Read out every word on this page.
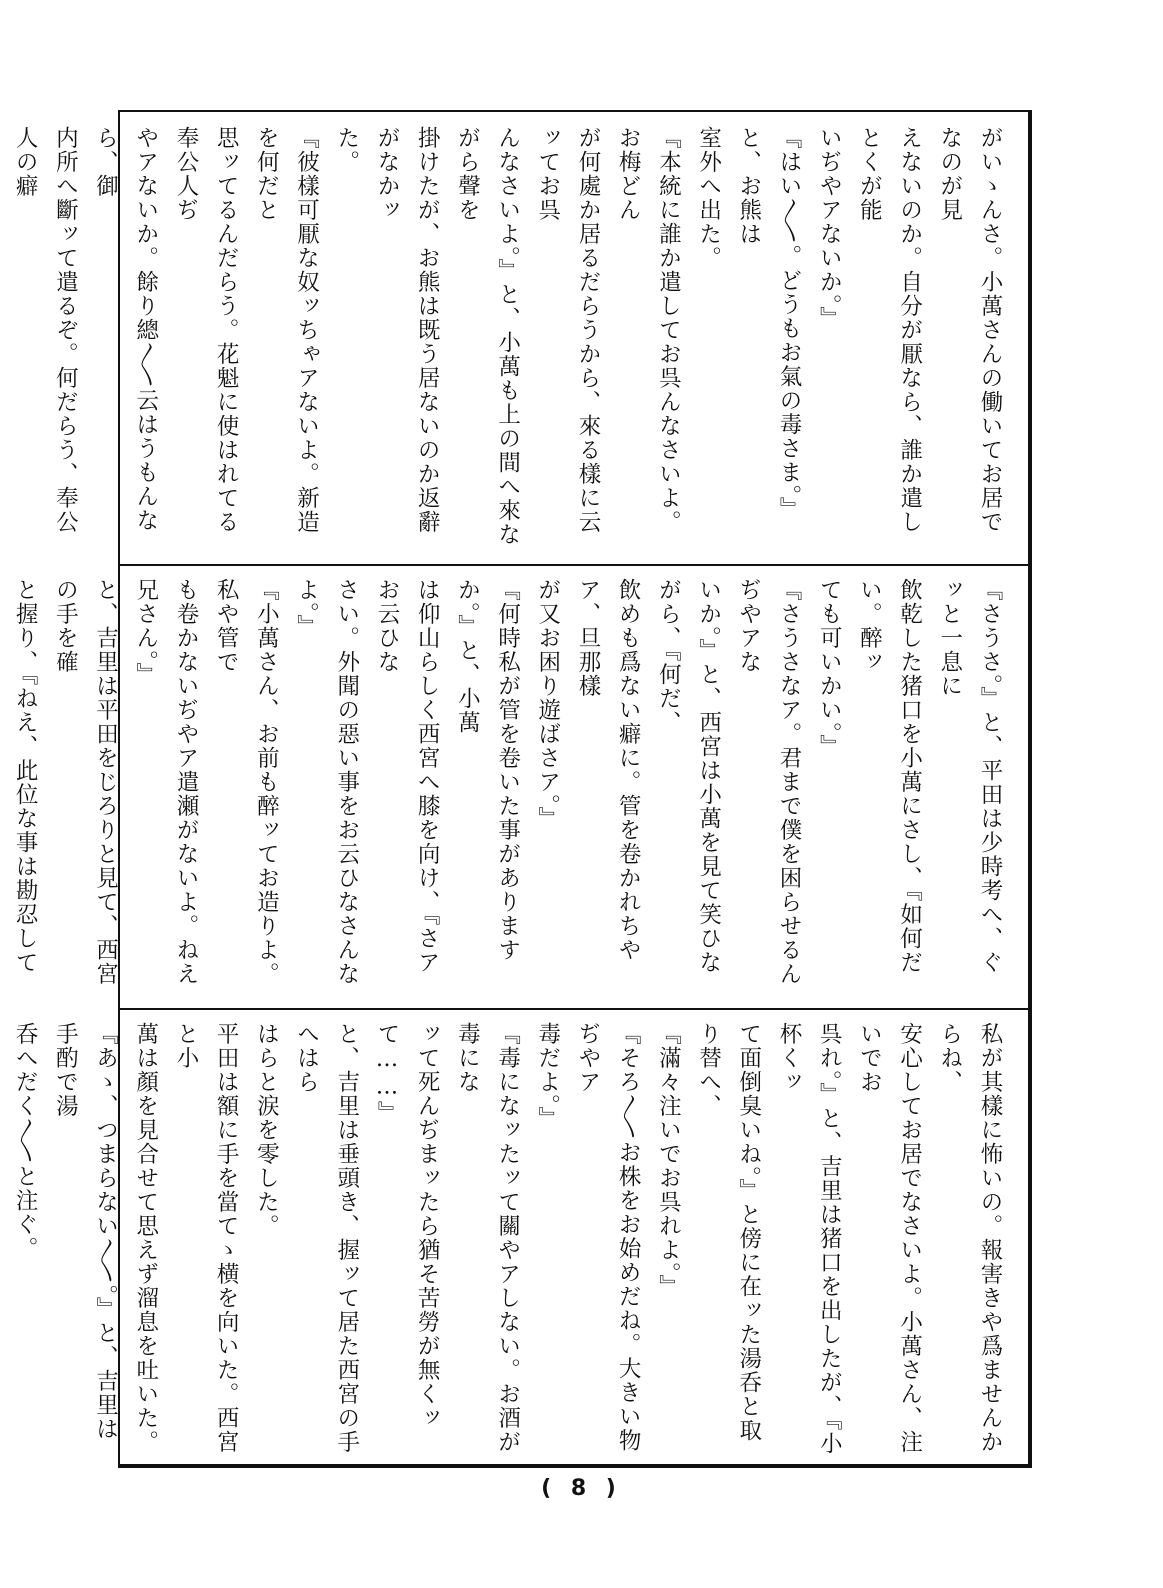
がいゝんさ。小萬さんの働いてお居でなのが見
えないのか。自分が厭なら、誰か遣しとくが能
いぢやアないか。』
『はい〳〵。どうもお氣の毒さま。』と、お熊は
室外へ出た。
『本統に誰か遣してお呉んなさいよ。お梅どん
が何處か居るだらうから、來る樣に云ッてお呉
んなさいよ。』と、小萬も上の間へ來ながら聲を
掛けたが、お熊は既う居ないのか返辭がなかッ
た。
『彼樣可厭な奴ッちゃアないよ。新造を何だと
思ッてるんだらう。花魁に使はれてる奉公人ぢ
やアないか。餘り總〳〵云はうもんなら、御
内所へ斷ッて遣るぞ。何だらう、奉公人の癖
『さうさ。』と、平田は少時考へ、ぐッと一息に
飲乾した猪口を小萬にさし、『如何だい。醉ッ
ても可いかい。』
『さうさなア。君まで僕を困らせるんぢやアな
いか。』と、西宮は小萬を見て笑ひながら、『何だ、
飲めも爲ない癖に。管を卷かれちやア、旦那樣
が又お困り遊ばさア。』
『何時私が管を卷いた事がありますか。』と、小萬
は仰山らしく西宮へ膝を向け、『さアお云ひな
さい。外聞の惡い事をお云ひなさんなよ。』
『小萬さん、お前も醉ッてお造りよ。私や管で
も卷かないぢやア遣瀬がないよ。ねえ兄さん。』
と、吉里は平田をじろりと見て、西宮の手を確
と握り、『ねえ、此位な事は勘忍して
私が其樣に怖いの。報害きや爲ませんからね、
安心してお居でなさいよ。小萬さん、注いでお
呉れ。』と、吉里は猪口を出したが、『小杯くッ
て面倒臭いね。』と傍に在ッた湯呑と取り替へ、
『滿々注いでお呉れよ。』
『そろ〳〵お株をお始めだね。大きい物ぢやア
毒だよ。』
『毒になッたッて關やアしない。お酒が毒にな
ッて死んぢまッたら猶そ苦勞が無くッて……』
と、吉里は垂頭き、握ッて居た西宮の手へはら
はらと涙を零した。
平田は額に手を當てゝ横を向いた。西宮と小
萬は顏を見合せて思えず溜息を吐いた。
『あゝ、つまらない〳〵。』と、吉里は手酌で湯
呑へだく〳〵と注ぐ。
( 8 )
